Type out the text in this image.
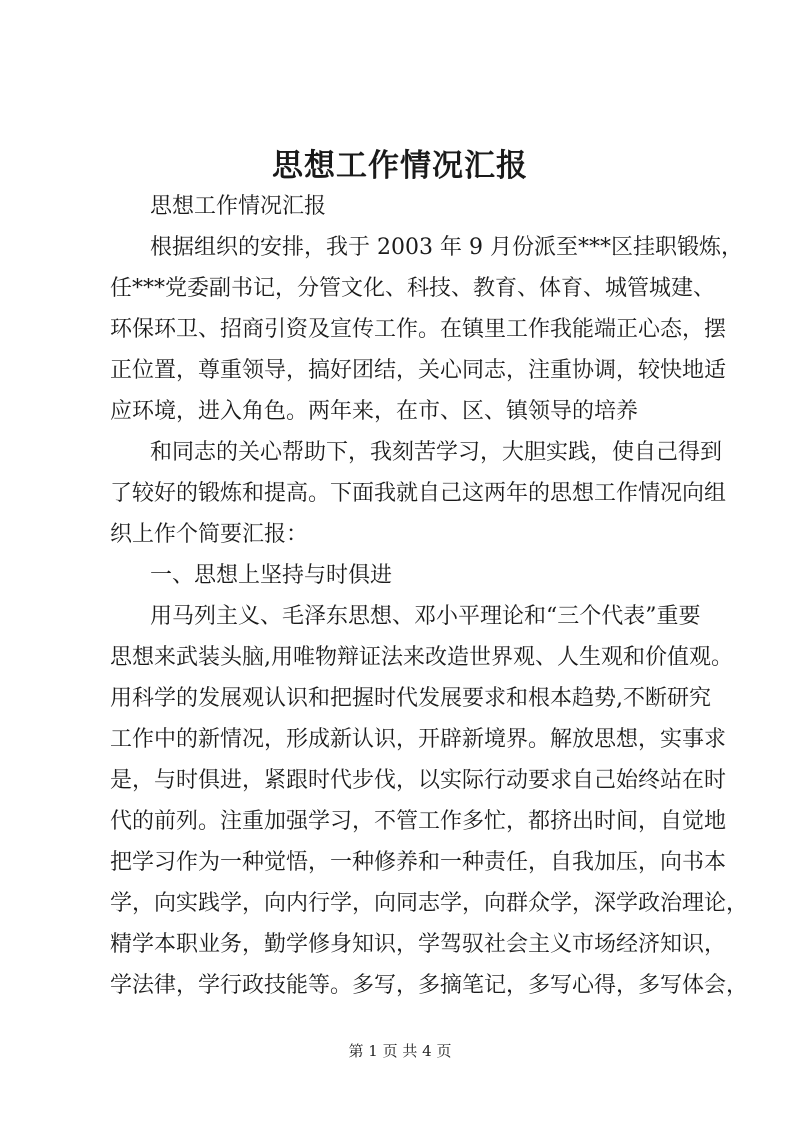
思想工作情况汇报
思想工作情况汇报
根据组织的安排，我于 2003 年 9 月份派至***区挂职锻炼，
任***党委副书记，分管文化、科技、教育、体育、城管城建、
环保环卫、招商引资及宣传工作。在镇里工作我能端正心态，摆
正位置，尊重领导，搞好团结，关心同志，注重协调，较快地适
应环境，进入角色。两年来，在市、区、镇领导的培养
和同志的关心帮助下，我刻苦学习，大胆实践，使自己得到
了较好的锻炼和提高。下面我就自己这两年的思想工作情况向组
织上作个简要汇报：
一、思想上坚持与时俱进
用马列主义、毛泽东思想、邓小平理论和“三个代表”重要
思想来武装头脑,用唯物辩证法来改造世界观、人生观和价值观。
用科学的发展观认识和把握时代发展要求和根本趋势,不断研究
工作中的新情况，形成新认识，开辟新境界。解放思想，实事求
是，与时俱进，紧跟时代步伐，以实际行动要求自己始终站在时
代的前列。注重加强学习，不管工作多忙，都挤出时间，自觉地
把学习作为一种觉悟，一种修养和一种责任，自我加压，向书本
学，向实践学，向内行学，向同志学，向群众学，深学政治理论，
精学本职业务，勤学修身知识，学驾驭社会主义市场经济知识，
学法律，学行政技能等。多写，多摘笔记，多写心得，多写体会，
第 1 页 共 4 页
